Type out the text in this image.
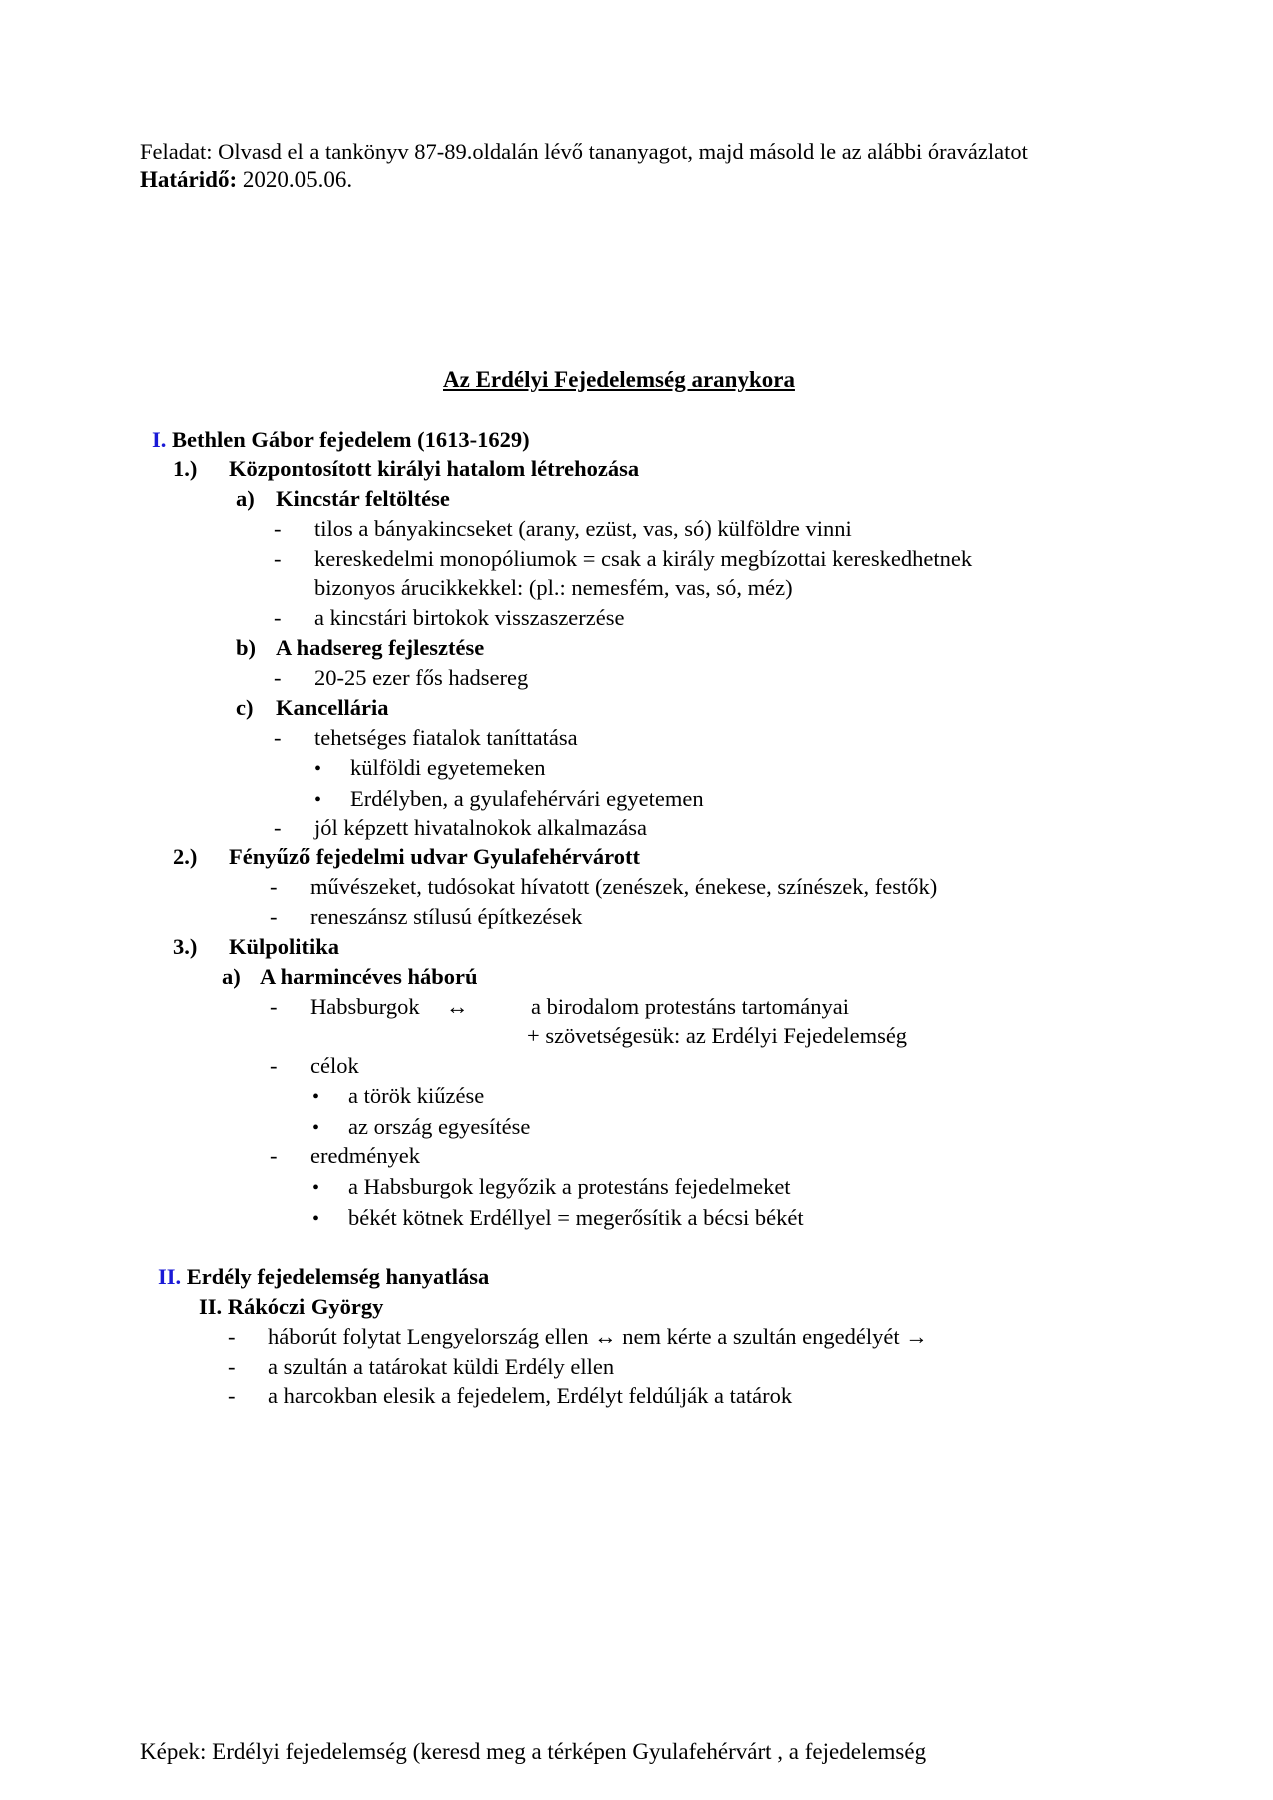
Feladat: Olvasd el a tankönyv 87-89.oldalán lévő tananyagot, majd másold le az alábbi óravázlatot
Határidő: 2020.05.06.
Az Erdélyi Fejedelemség aranykora
I. Bethlen Gábor fejedelem (1613-1629)
1.) Központosított királyi hatalom létrehozása
a) Kincstár feltöltése
- tilos a bányakincseket (arany, ezüst, vas, só) külföldre vinni
- kereskedelmi monopóliumok = csak a király megbízottai kereskedhetnek
bizonyos árucikkekkel: (pl.: nemesfém, vas, só, méz)
- a kincstári birtokok visszaszerzése
b) A hadsereg fejlesztése
- 20-25 ezer fős hadsereg
c) Kancellária
- tehetséges fiatalok taníttatása
• külföldi egyetemeken
• Erdélyben, a gyulafehérvári egyetemen
- jól képzett hivatalnokok alkalmazása
2.) Fényűző fejedelmi udvar Gyulafehérvárott
- művészeket, tudósokat hívatott (zenészek, énekese, színészek, festők)
- reneszánsz stílusú építkezések
3.) Külpolitika
a) A harmincéves háború
- Habsburgok ↔	a birodalom protestáns tartományai
+ szövetségesük: az Erdélyi Fejedelemség
- célok
• a török kiűzése
• az ország egyesítése
- eredmények
• a Habsburgok legyőzik a protestáns fejedelmeket
• békét kötnek Erdéllyel = megerősítik a bécsi békét
II. Erdély fejedelemség hanyatlása
II. Rákóczi György
- háborút folytat Lengyelország ellen ↔ nem kérte a szultán engedélyét →
- a szultán a tatárokat küldi Erdély ellen
- a harcokban elesik a fejedelem, Erdélyt feldúlják a tatárok
Képek: Erdélyi fejedelemség (keresd meg a térképen Gyulafehérvárt , a fejedelemség
